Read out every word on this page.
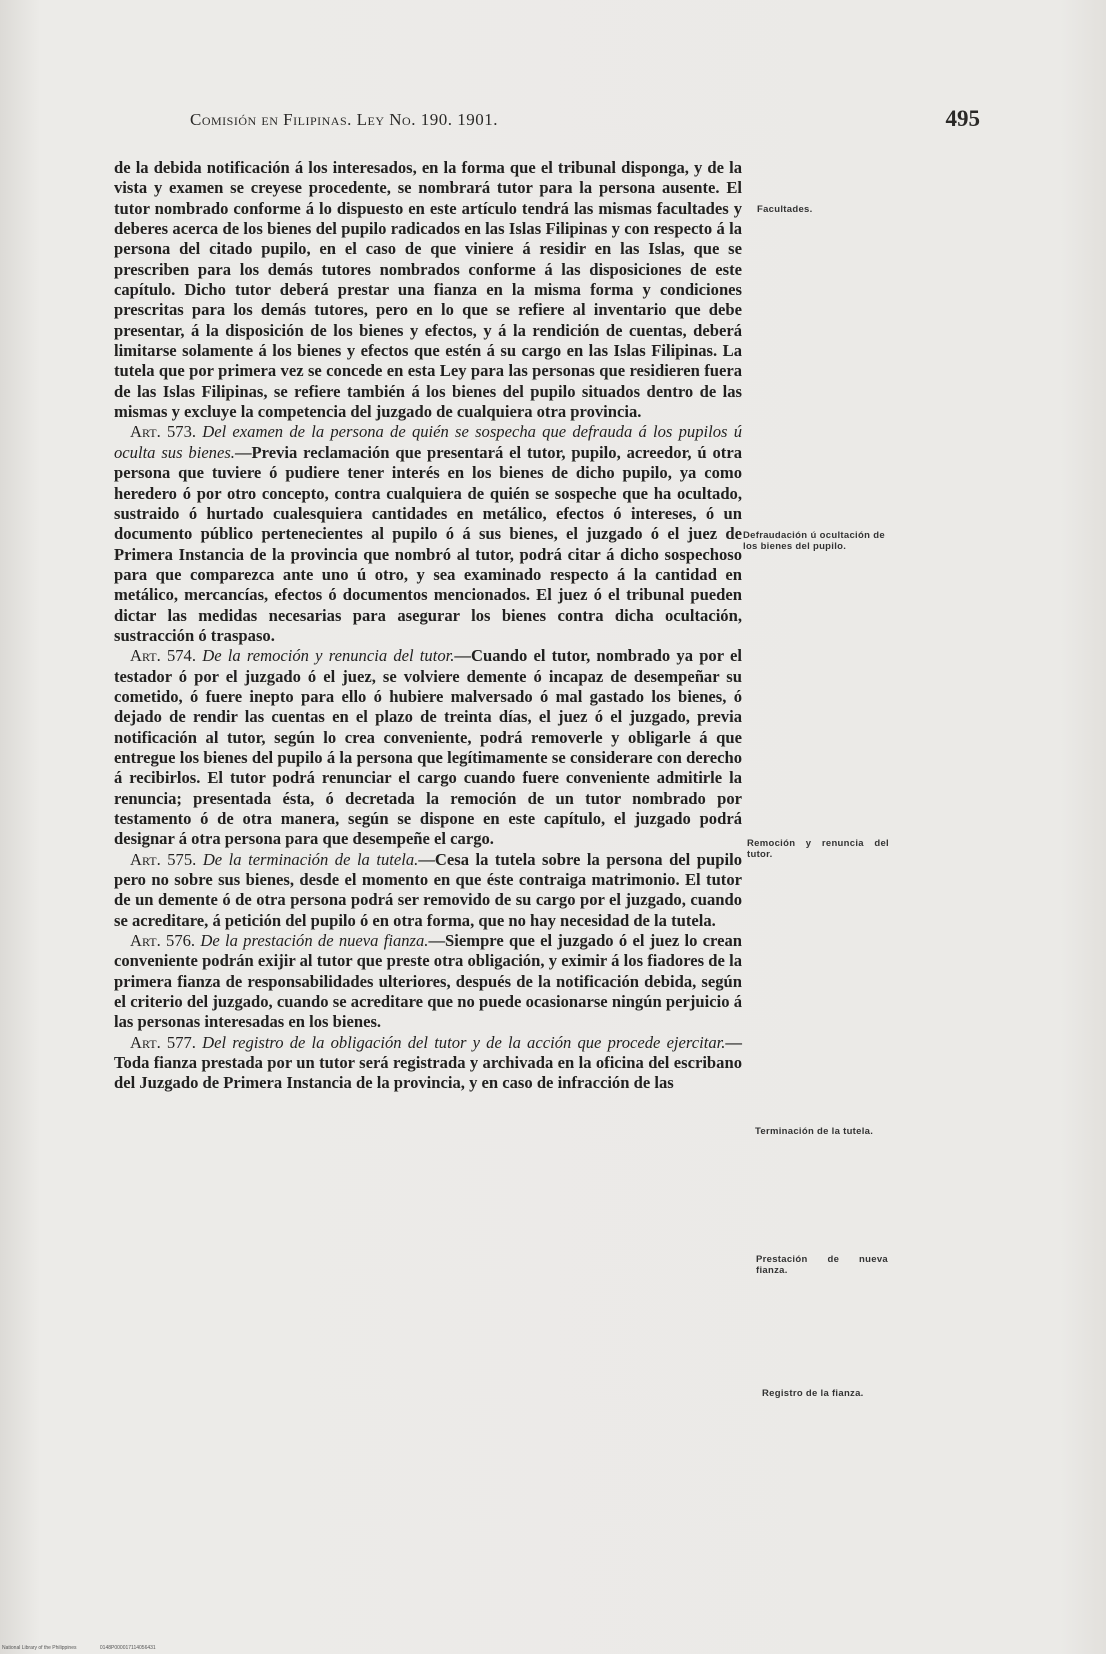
Comisión en Filipinas. Ley No. 190. 1901.	495

de la debida notificación á los interesados, en la forma que el tribunal disponga, y de la vista y examen se creyese procedente, se nombrará tutor para la persona ausente. El tutor nombrado conforme á lo dispuesto en este artículo tendrá las mismas facultades y deberes acerca de los bienes del pupilo radicados en las Islas Filipinas y con respecto á la persona del citado pupilo, en el caso de que viniere á residir en las Islas, que se prescriben para los demás tutores nombrados conforme á las disposiciones de este capítulo. Dicho tutor deberá prestar una fianza en la misma forma y condiciones prescritas para los demás tutores, pero en lo que se refiere al inventario que debe presentar, á la disposición de los bienes y efectos, y á la rendición de cuentas, deberá limitarse solamente á los bienes y efectos que estén á su cargo en las Islas Filipinas. La tutela que por primera vez se concede en esta Ley para las personas que residieren fuera de las Islas Filipinas, se refiere también á los bienes del pupilo situados dentro de las mismas y excluye la competencia del juzgado de cualquiera otra provincia.

Art. 573. Del examen de la persona de quién se sospecha que defrauda á los pupilos ú oculta sus bienes.—Previa reclamación que presentará el tutor, pupilo, acreedor, ú otra persona que tuviere ó pudiere tener interés en los bienes de dicho pupilo, ya como heredero ó por otro concepto, contra cualquiera de quién se sospeche que ha ocultado, sustraido ó hurtado cualesquiera cantidades en metálico, efectos ó intereses, ó un documento público pertenecientes al pupilo ó á sus bienes, el juzgado ó el juez de Primera Instancia de la provincia que nombró al tutor, podrá citar á dicho sospechoso para que comparezca ante uno ú otro, y sea examinado respecto á la cantidad en metálico, mercancías, efectos ó documentos mencionados. El juez ó el tribunal pueden dictar las medidas necesarias para asegurar los bienes contra dicha ocultación, sustracción ó traspaso.

Art. 574. De la remoción y renuncia del tutor.—Cuando el tutor, nombrado ya por el testador ó por el juzgado ó el juez, se volviere demente ó incapaz de desempeñar su cometido, ó fuere inepto para ello ó hubiere malversado ó mal gastado los bienes, ó dejado de rendir las cuentas en el plazo de treinta días, el juez ó el juzgado, previa notificación al tutor, según lo crea conveniente, podrá removerle y obligarle á que entregue los bienes del pupilo á la persona que legítimamente se considerare con derecho á recibirlos. El tutor podrá renunciar el cargo cuando fuere conveniente admitirle la renuncia; presentada ésta, ó decretada la remoción de un tutor nombrado por testamento ó de otra manera, según se dispone en este capítulo, el juzgado podrá designar á otra persona para que desempeñe el cargo.

Art. 575. De la terminación de la tutela.—Cesa la tutela sobre la persona del pupilo pero no sobre sus bienes, desde el momento en que éste contraiga matrimonio. El tutor de un demente ó de otra persona podrá ser removido de su cargo por el juzgado, cuando se acreditare, á petición del pupilo ó en otra forma, que no hay necesidad de la tutela.

Art. 576. De la prestación de nueva fianza.—Siempre que el juzgado ó el juez lo crean conveniente podrán exijir al tutor que preste otra obligación, y eximir á los fiadores de la primera fianza de responsabilidades ulteriores, después de la notificación debida, según el criterio del juzgado, cuando se acreditare que no puede ocasionarse ningún perjuicio á las personas interesadas en los bienes.

Art. 577. Del registro de la obligación del tutor y de la acción que procede ejercitar.—Toda fianza prestada por un tutor será registrada y archivada en la oficina del escribano del Juzgado de Primera Instancia de la provincia, y en caso de infracción de las

Facultades.
Defraudación ú ocultación de los bienes del pupilo.
Remoción y renuncia del tutor.
Terminación de la tutela.
Prestación de nueva fianza.
Registro de la fianza.
National Library of the Philippines	0148P000017114056431
